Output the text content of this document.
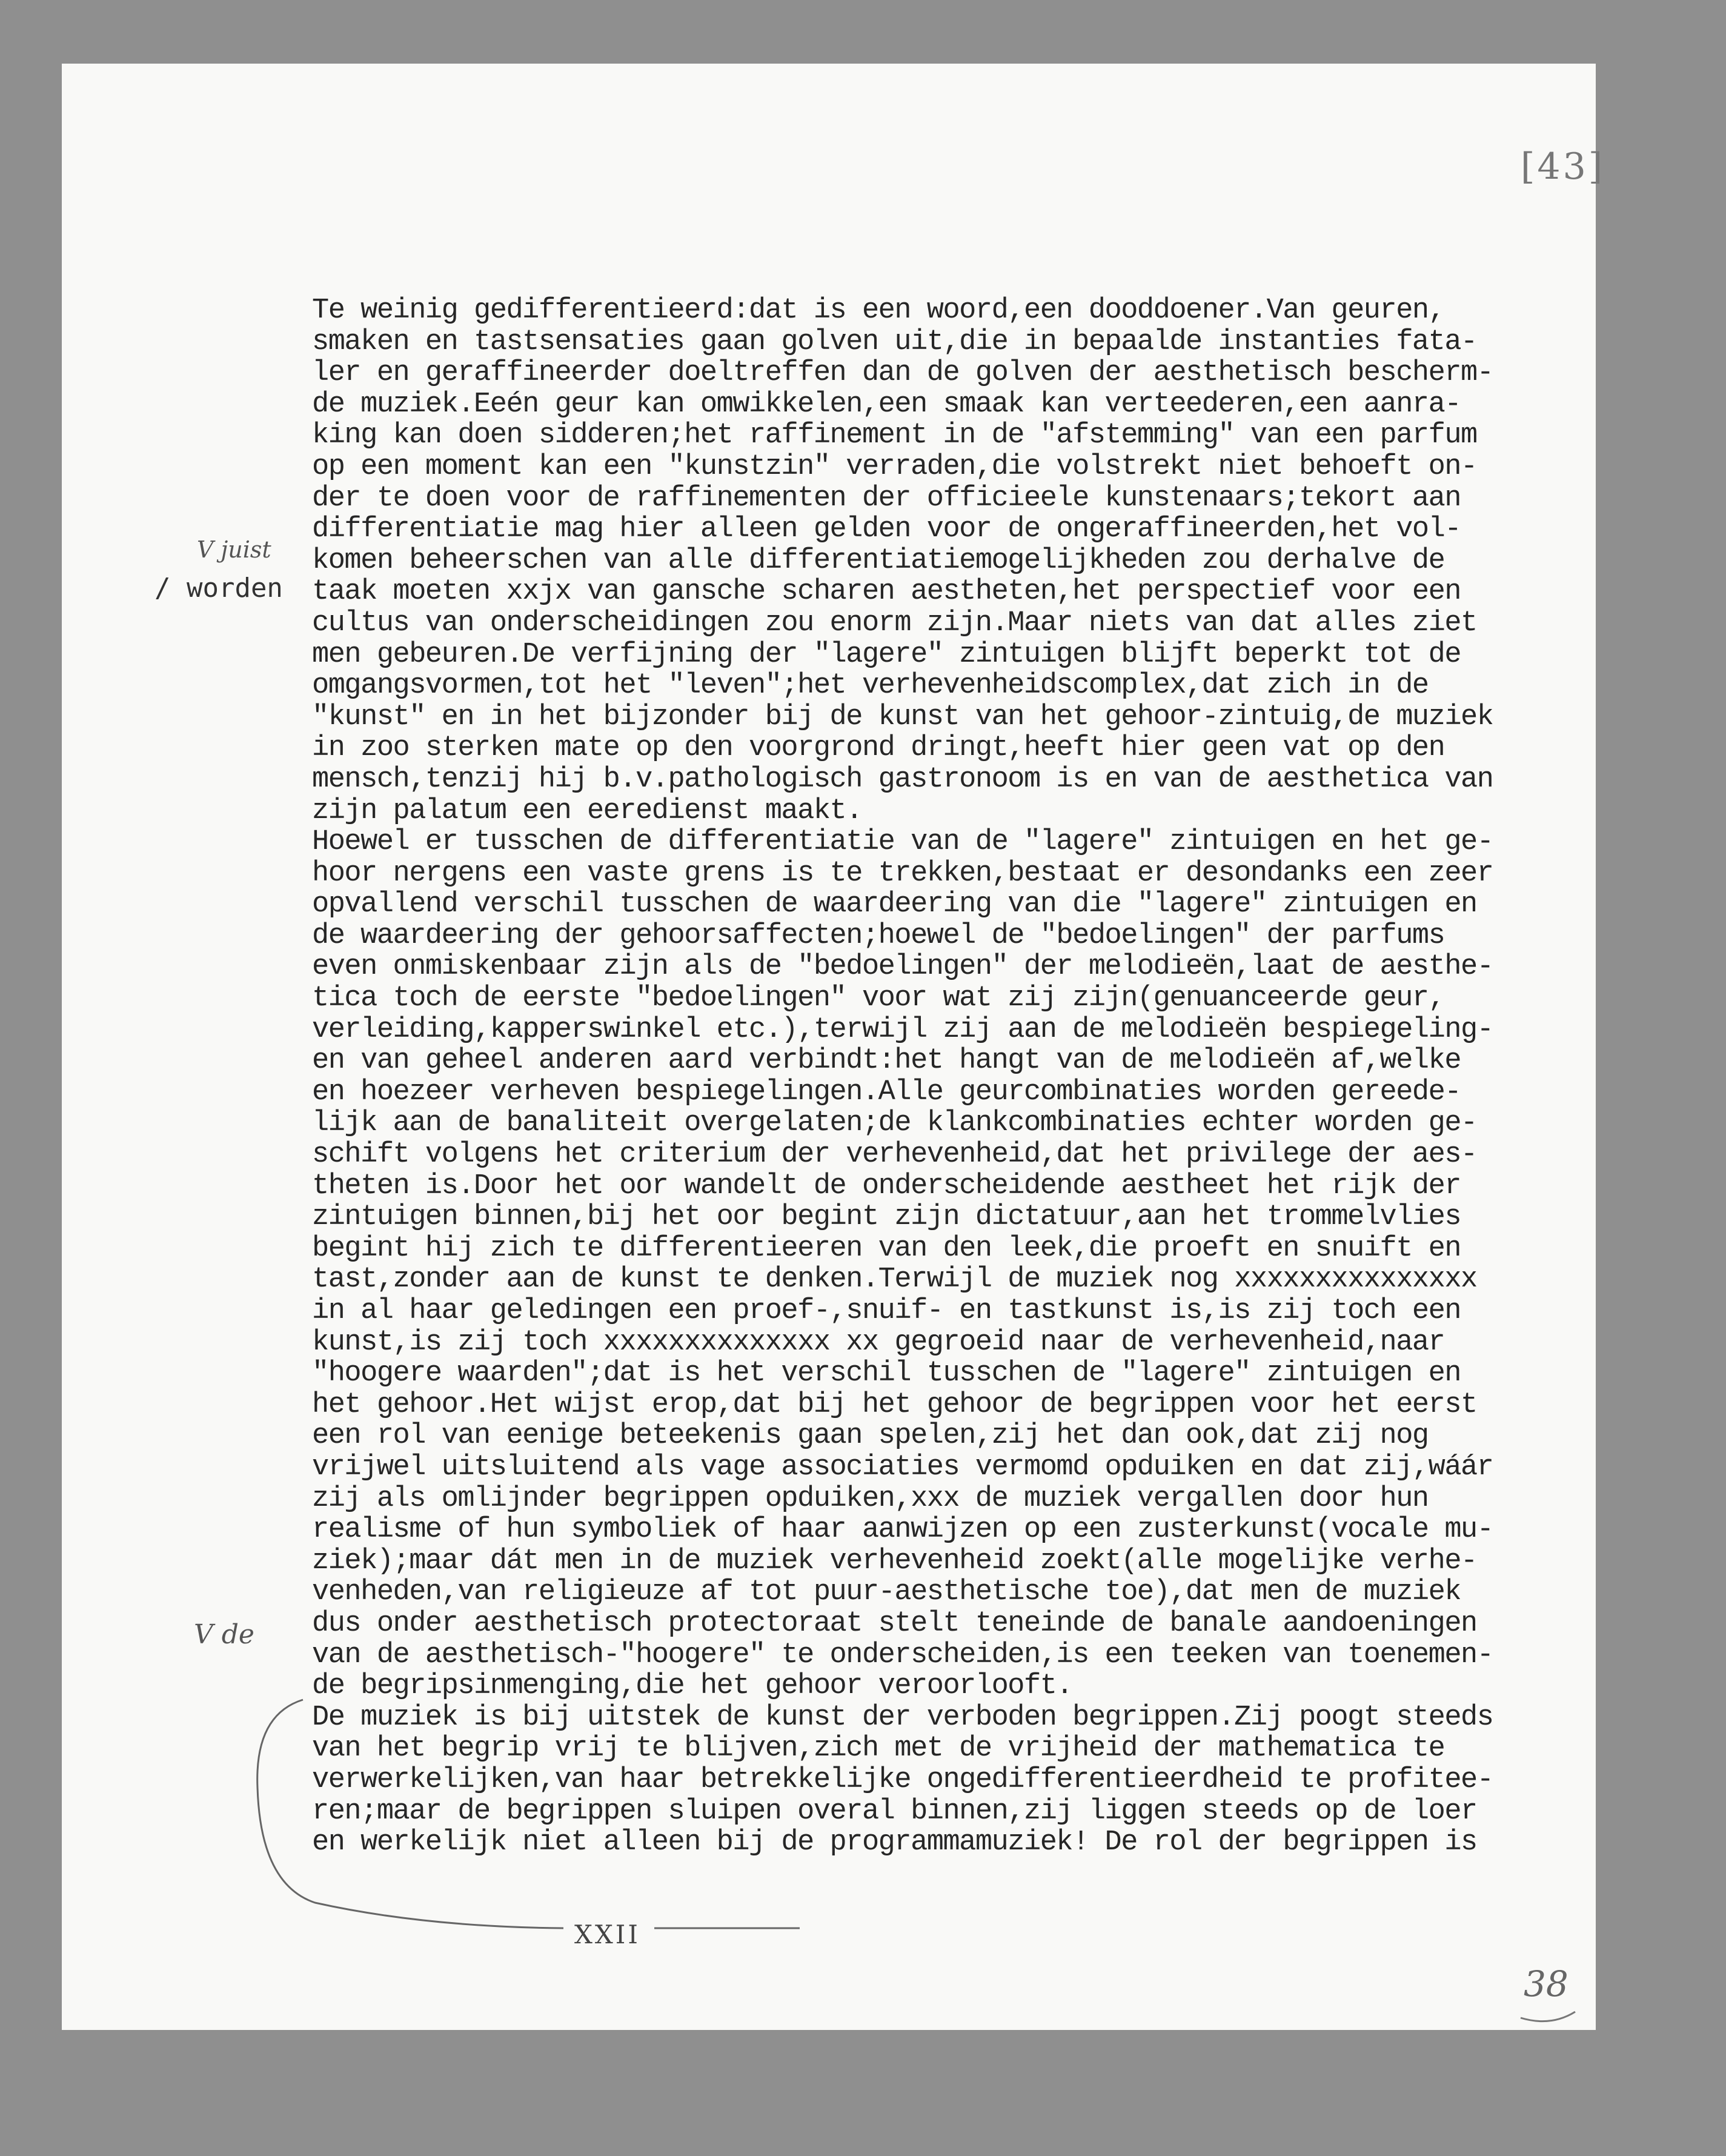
[43]
V juist
/ worden
V de
Te weinig gedifferentieerd:dat is een woord,een dooddoener.Van geuren,
smaken en tastsensaties gaan golven uit,die in bepaalde instanties fata-
ler en geraffineerder doeltreffen dan de golven der aesthetisch bescherm-
de muziek.Eeén geur kan omwikkelen,een smaak kan verteederen,een aanra-
king kan doen sidderen;het raffinement in de "afstemming" van een parfum
op een moment kan een "kunstzin" verraden,die volstrekt niet behoeft on-
der te doen voor de raffinementen der officieele kunstenaars;tekort aan
differentiatie mag hier alleen gelden voor de ongeraffineerden,het vol-
komen beheerschen van alle differentiatiemogelijkheden zou derhalve de
taak moeten xxjx van gansche scharen aestheten,het perspectief voor een
cultus van onderscheidingen zou enorm zijn.Maar niets van dat alles ziet
men gebeuren.De verfijning der "lagere" zintuigen blijft beperkt tot de
omgangsvormen,tot het "leven";het verhevenheidscomplex,dat zich in de
"kunst" en in het bijzonder bij de kunst van het gehoor-zintuig,de muziek
in zoo sterken mate op den voorgrond dringt,heeft hier geen vat op den
mensch,tenzij hij b.v.pathologisch gastronoom is en van de aesthetica van
zijn palatum een eeredienst maakt.
Hoewel er tusschen de differentiatie van de "lagere" zintuigen en het ge-
hoor nergens een vaste grens is te trekken,bestaat er desondanks een zeer
opvallend verschil tusschen de waardeering van die "lagere" zintuigen en
de waardeering der gehoorsaffecten;hoewel de "bedoelingen" der parfums
even onmiskenbaar zijn als de "bedoelingen" der melodieën,laat de aesthe-
tica toch de eerste "bedoelingen" voor wat zij zijn(genuanceerde geur,
verleiding,kapperswinkel etc.),terwijl zij aan de melodieën bespiegeling-
en van geheel anderen aard verbindt:het hangt van de melodieën af,welke
en hoezeer verheven bespiegelingen.Alle geurcombinaties worden gereede-
lijk aan de banaliteit overgelaten;de klankcombinaties echter worden ge-
schift volgens het criterium der verhevenheid,dat het privilege der aes-
theten is.Door het oor wandelt de onderscheidende aestheet het rijk der
zintuigen binnen,bij het oor begint zijn dictatuur,aan het trommelvlies
begint hij zich te differentieeren van den leek,die proeft en snuift en
tast,zonder aan de kunst te denken.Terwijl de muziek nog xxxxxxxxxxxxxxx
in al haar geledingen een proef-,snuif- en tastkunst is,is zij toch een
kunst,is zij toch xxxxxxxxxxxxxx xx gegroeid naar de verhevenheid,naar
"hoogere waarden";dat is het verschil tusschen de "lagere" zintuigen en
het gehoor.Het wijst erop,dat bij het gehoor de begrippen voor het eerst
een rol van eenige beteekenis gaan spelen,zij het dan ook,dat zij nog
vrijwel uitsluitend als vage associaties vermomd opduiken en dat zij,wáár
zij als omlijnder begrippen opduiken,xxx de muziek vergallen door hun
realisme of hun symboliek of haar aanwijzen op een zusterkunst(vocale mu-
ziek);maar dát men in de muziek verhevenheid zoekt(alle mogelijke verhe-
venheden,van religieuze af tot puur-aesthetische toe),dat men de muziek
dus onder aesthetisch protectoraat stelt teneinde de banale aandoeningen
van de aesthetisch-"hoogere" te onderscheiden,is een teeken van toenemen-
de begripsinmenging,die het gehoor veroorlooft.
De muziek is bij uitstek de kunst der verboden begrippen.Zij poogt steeds
van het begrip vrij te blijven,zich met de vrijheid der mathematica te
verwerkelijken,van haar betrekkelijke ongedifferentieerdheid te profitee-
ren;maar de begrippen sluipen overal binnen,zij liggen steeds op de loer
en werkelijk niet alleen bij de programmamuziek! De rol der begrippen is
XXII
38
